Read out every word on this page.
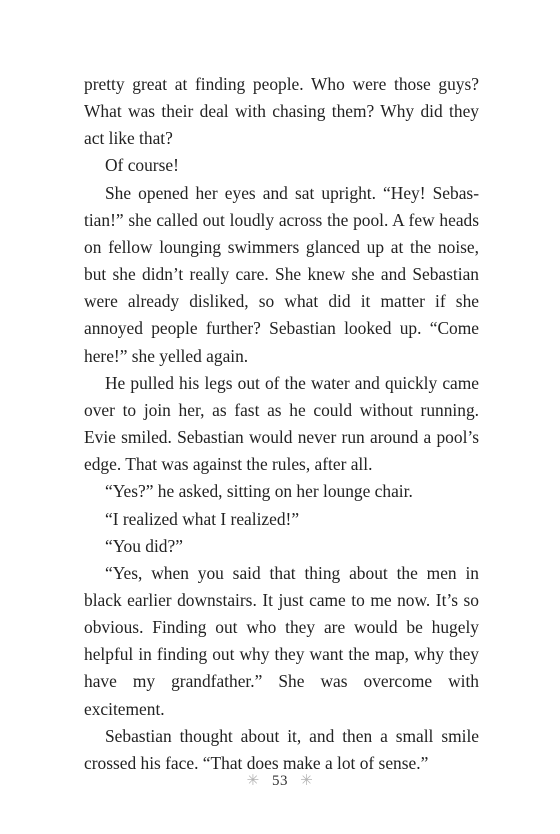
pretty great at finding people. Who were those guys? What was their deal with chasing them? Why did they act like that?

Of course!

She opened her eyes and sat upright. “Hey! Sebastian!” she called out loudly across the pool. A few heads on fellow lounging swimmers glanced up at the noise, but she didn’t really care. She knew she and Sebastian were already disliked, so what did it matter if she annoyed people further? Sebastian looked up. “Come here!” she yelled again.

He pulled his legs out of the water and quickly came over to join her, as fast as he could without running. Evie smiled. Sebastian would never run around a pool’s edge. That was against the rules, after all.

“Yes?” he asked, sitting on her lounge chair.

“I realized what I realized!”

“You did?”

“Yes, when you said that thing about the men in black earlier downstairs. It just came to me now. It’s so obvious. Finding out who they are would be hugely helpful in finding out why they want the map, why they have my grandfather.” She was overcome with excitement.

Sebastian thought about it, and then a small smile crossed his face. “That does make a lot of sense.”

✳ 53 ✳
